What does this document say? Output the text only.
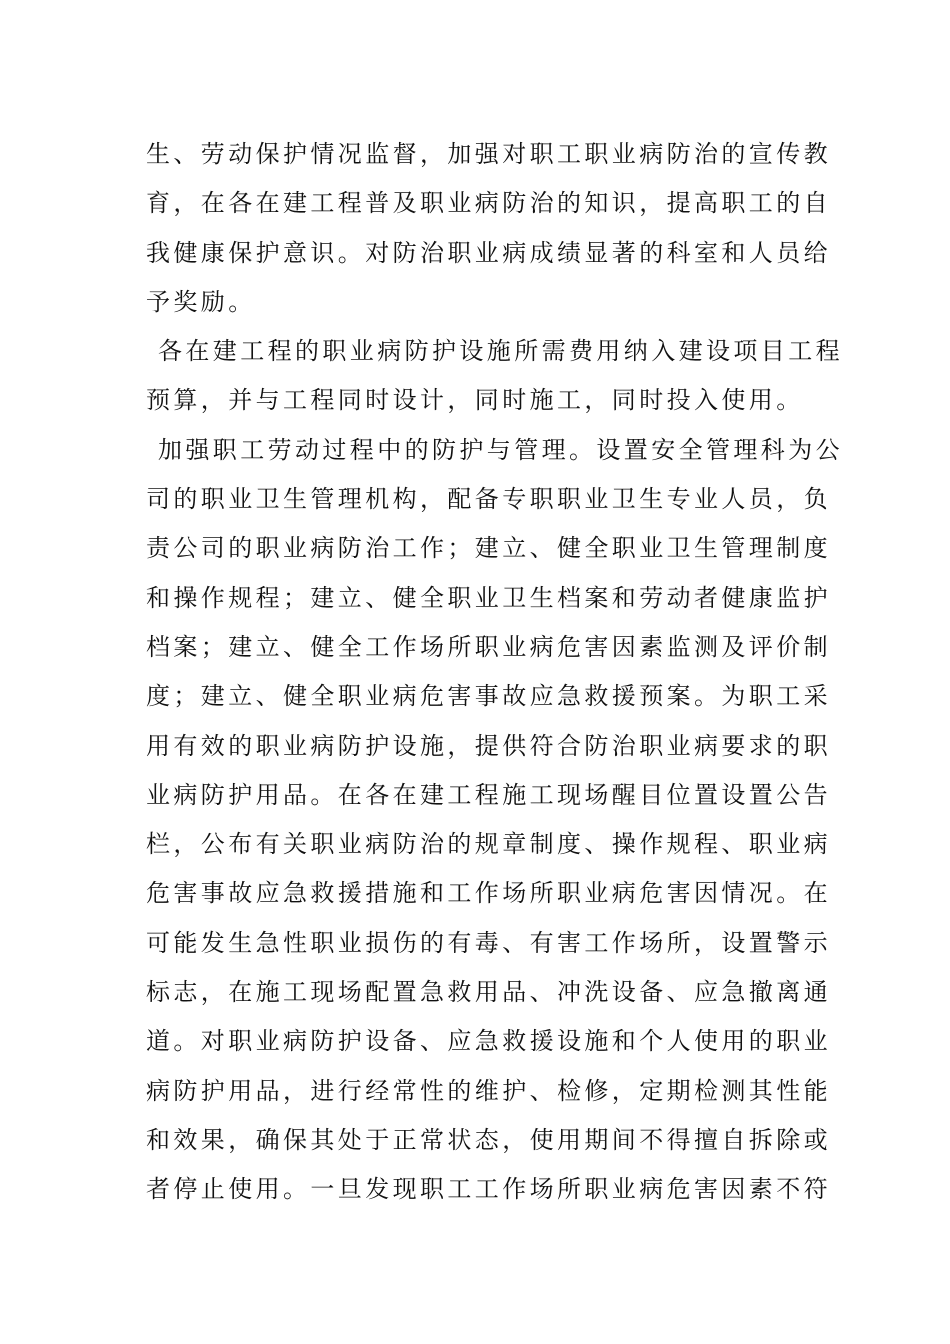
生、劳动保护情况监督，加强对职工职业病防治的宣传教
育，在各在建工程普及职业病防治的知识，提高职工的自
我健康保护意识。对防治职业病成绩显著的科室和人员给
予奖励。
各在建工程的职业病防护设施所需费用纳入建设项目工程
预算，并与工程同时设计，同时施工，同时投入使用。
加强职工劳动过程中的防护与管理。设置安全管理科为公
司的职业卫生管理机构，配备专职职业卫生专业人员，负
责公司的职业病防治工作；建立、健全职业卫生管理制度
和操作规程；建立、健全职业卫生档案和劳动者健康监护
档案；建立、健全工作场所职业病危害因素监测及评价制
度；建立、健全职业病危害事故应急救援预案。为职工采
用有效的职业病防护设施，提供符合防治职业病要求的职
业病防护用品。在各在建工程施工现场醒目位置设置公告
栏，公布有关职业病防治的规章制度、操作规程、职业病
危害事故应急救援措施和工作场所职业病危害因情况。在
可能发生急性职业损伤的有毒、有害工作场所，设置警示
标志，在施工现场配置急救用品、冲洗设备、应急撤离通
道。对职业病防护设备、应急救援设施和个人使用的职业
病防护用品，进行经常性的维护、检修，定期检测其性能
和效果，确保其处于正常状态，使用期间不得擅自拆除或
者停止使用。一旦发现职工工作场所职业病危害因素不符
